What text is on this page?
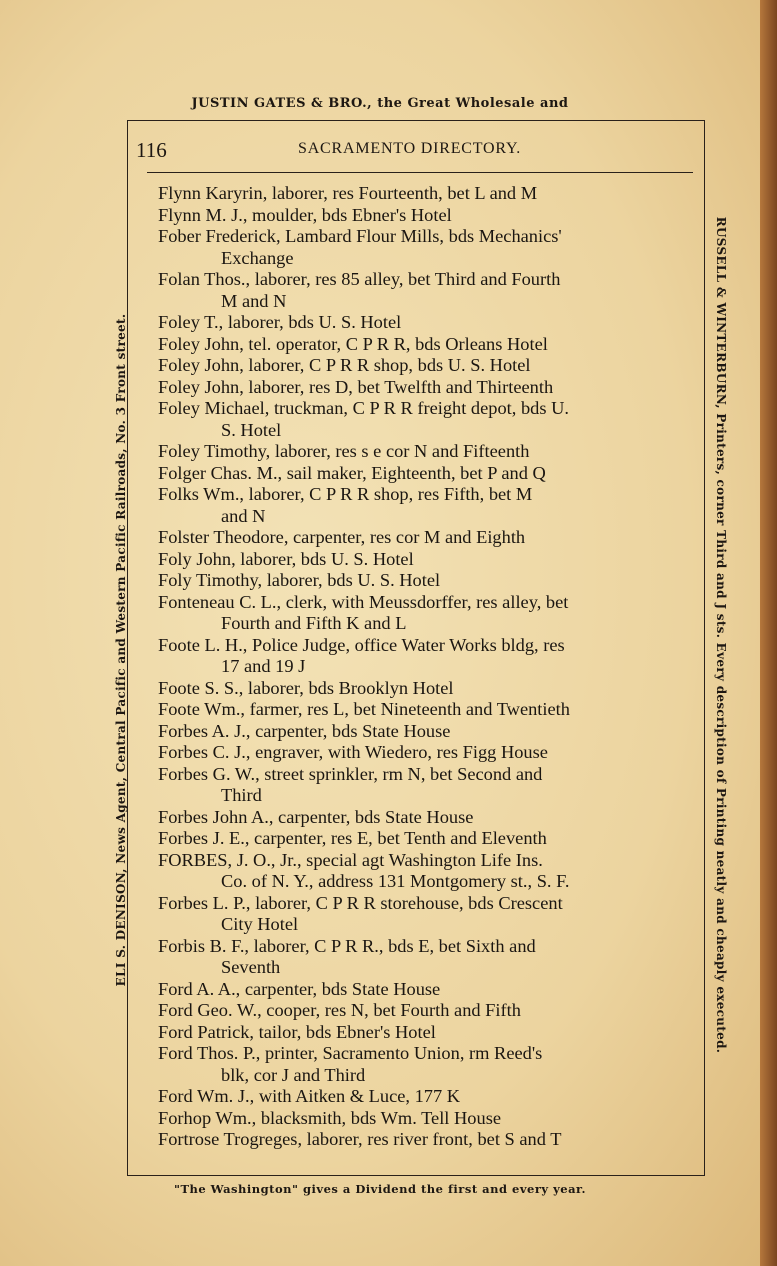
JUSTIN GATES & BRO., the Great Wholesale and
ELI S. DENISON, News Agent, Central Pacific and Western Pacific Railroads, No. 3 Front street.	RUSSELL & WINTERBURN, Printers, corner Third and J sts. Every description of Printing neatly and cheaply executed.
116	SACRAMENTO DIRECTORY.
Flynn Karyrin, laborer, res Fourteenth, bet L and M
Flynn M. J., moulder, bds Ebner's Hotel
Fober Frederick, Lambard Flour Mills, bds Mechanics'
Exchange
Folan Thos., laborer, res 85 alley, bet Third and Fourth
M and N
Foley T., laborer, bds U. S. Hotel
Foley John, tel. operator, C P R R, bds Orleans Hotel
Foley John, laborer, C P R R shop, bds U. S. Hotel
Foley John, laborer, res D, bet Twelfth and Thirteenth
Foley Michael, truckman, C P R R freight depot, bds U.
S. Hotel
Foley Timothy, laborer, res s e cor N and Fifteenth
Folger Chas. M., sail maker, Eighteenth, bet P and Q
Folks Wm., laborer, C P R R shop, res Fifth, bet M
and N
Folster Theodore, carpenter, res cor M and Eighth
Foly John, laborer, bds U. S. Hotel
Foly Timothy, laborer, bds U. S. Hotel
Fonteneau C. L., clerk, with Meussdorffer, res alley, bet
Fourth and Fifth K and L
Foote L. H., Police Judge, office Water Works bldg, res
17 and 19 J
Foote S. S., laborer, bds Brooklyn Hotel
Foote Wm., farmer, res L, bet Nineteenth and Twentieth
Forbes A. J., carpenter, bds State House
Forbes C. J., engraver, with Wiedero, res Figg House
Forbes G. W., street sprinkler, rm N, bet Second and
Third
Forbes John A., carpenter, bds State House
Forbes J. E., carpenter, res E, bet Tenth and Eleventh
FORBES, J. O., Jr., special agt Washington Life Ins.
Co. of N. Y., address 131 Montgomery st., S. F.
Forbes L. P., laborer, C P R R storehouse, bds Crescent
City Hotel
Forbis B. F., laborer, C P R R., bds E, bet Sixth and
Seventh
Ford A. A., carpenter, bds State House
Ford Geo. W., cooper, res N, bet Fourth and Fifth
Ford Patrick, tailor, bds Ebner's Hotel
Ford Thos. P., printer, Sacramento Union, rm Reed's
blk, cor J and Third
Ford Wm. J., with Aitken & Luce, 177 K
Forhop Wm., blacksmith, bds Wm. Tell House
Fortrose Trogreges, laborer, res river front, bet S and T
"The Washington" gives a Dividend the first and every year.
